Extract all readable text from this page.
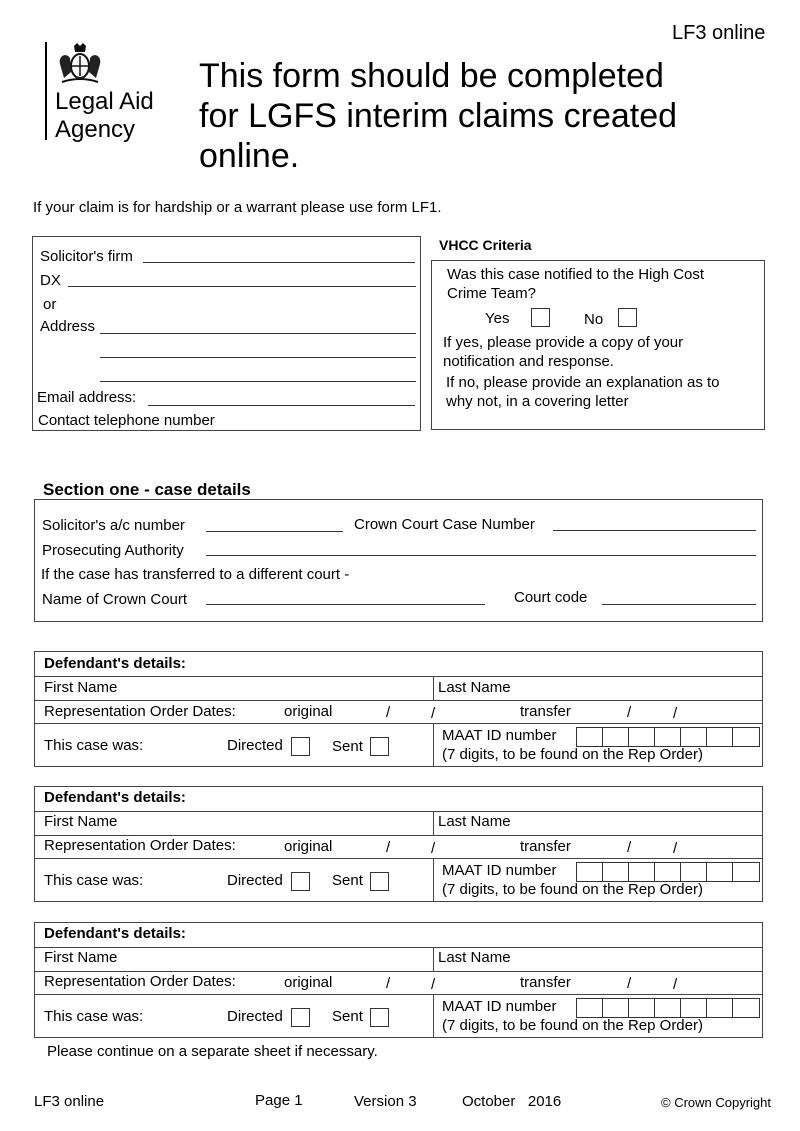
LF3 online
Legal Aid
Agency
This form should be completed
for LGFS interim claims created
online.
If your claim is for hardship or a warrant please use form LF1.
Solicitor's firm
DX
or
Address
Email address:
Contact telephone number
VHCC Criteria
Was this case notified to the High Cost
Crime Team?
Yes	No
If yes, please provide a copy of your
notification and response.
If no, please provide an explanation as to
why not, in a covering letter
Section one - case details
Solicitor's a/c number	Crown Court Case Number
Prosecuting Authority
If the case has transferred to a different court -
Name of Crown Court	Court code
Defendant's details:
First Name	Last Name
Representation Order Dates:	original	/	/	transfer	/	/
This case was:	Directed	Sent
MAAT ID number
(7 digits, to be found on the Rep Order)
Defendant's details:
First Name	Last Name
Representation Order Dates:	original	/	/	transfer	/	/
This case was:	Directed	Sent
MAAT ID number
(7 digits, to be found on the Rep Order)
Defendant's details:
First Name	Last Name
Representation Order Dates:	original	/	/	transfer	/	/
This case was:	Directed	Sent
MAAT ID number
(7 digits, to be found on the Rep Order)
Please continue on a separate sheet if necessary.
LF3 online	Page 1	Version 3	October   2016	© Crown Copyright
